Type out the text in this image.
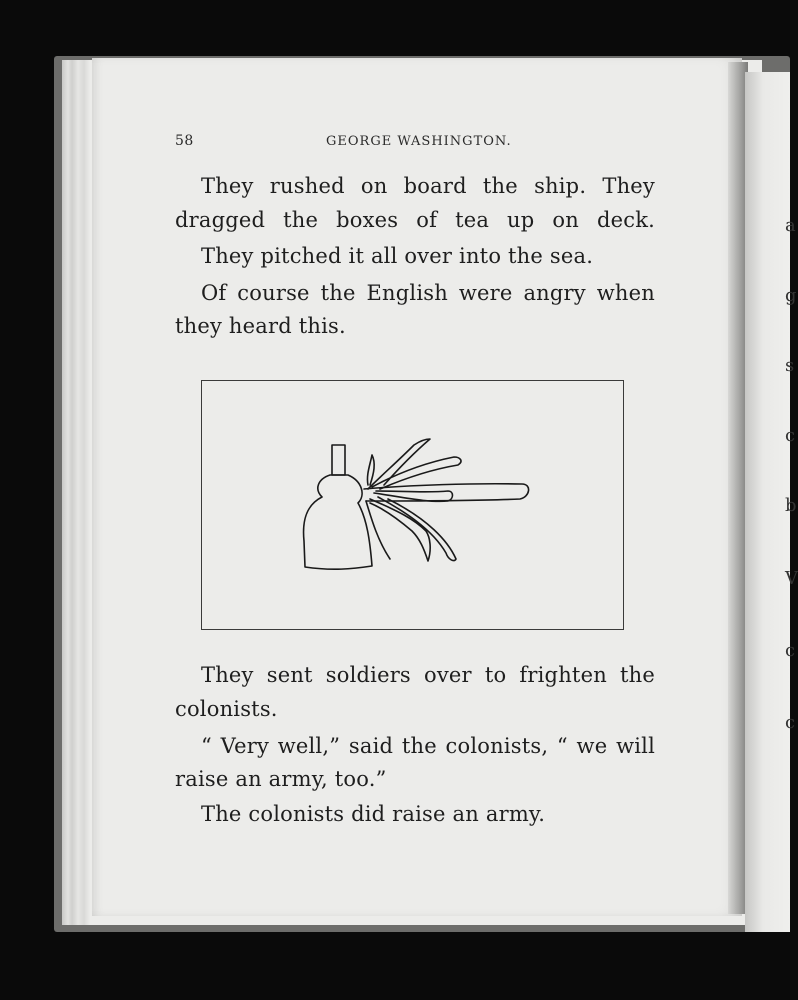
a
g
s
c
b
V
c
c
58	GEORGE WASHINGTON.
They rushed on board the ship. They
dragged the boxes of tea up on deck.
They pitched it all over into the sea.
Of course the English were angry when
they heard this.
They sent soldiers over to frighten the
colonists.
“ Very well,” said the colonists, “ we will
raise an army, too.”
The colonists did raise an army.
